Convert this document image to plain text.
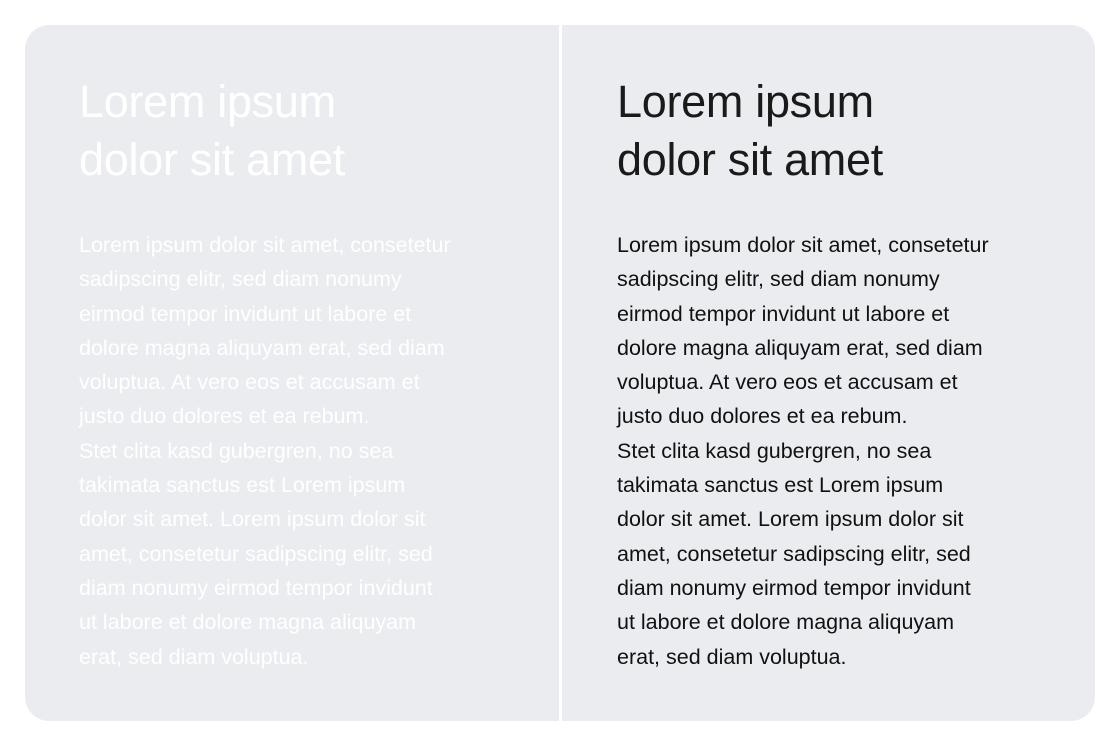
Lorem ipsum
dolor sit amet

Lorem ipsum dolor sit amet, consetetur
sadipscing elitr, sed diam nonumy
eirmod tempor invidunt ut labore et
dolore magna aliquyam erat, sed diam
voluptua. At vero eos et accusam et
justo duo dolores et ea rebum.
Stet clita kasd gubergren, no sea
takimata sanctus est Lorem ipsum
dolor sit amet. Lorem ipsum dolor sit
amet, consetetur sadipscing elitr, sed
diam nonumy eirmod tempor invidunt
ut labore et dolore magna aliquyam
erat, sed diam voluptua.

Lorem ipsum
dolor sit amet

Lorem ipsum dolor sit amet, consetetur
sadipscing elitr, sed diam nonumy
eirmod tempor invidunt ut labore et
dolore magna aliquyam erat, sed diam
voluptua. At vero eos et accusam et
justo duo dolores et ea rebum.
Stet clita kasd gubergren, no sea
takimata sanctus est Lorem ipsum
dolor sit amet. Lorem ipsum dolor sit
amet, consetetur sadipscing elitr, sed
diam nonumy eirmod tempor invidunt
ut labore et dolore magna aliquyam
erat, sed diam voluptua.
